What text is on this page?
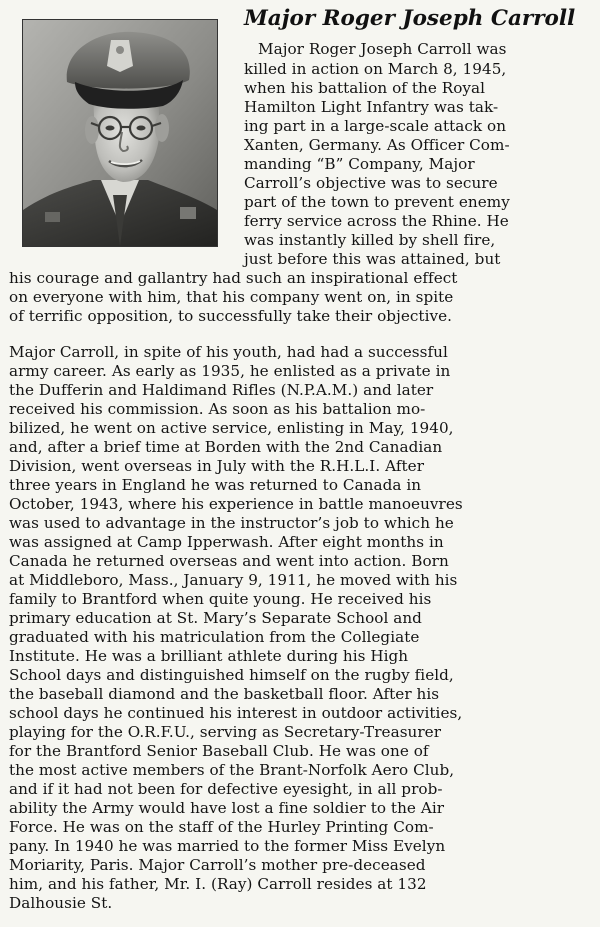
Major Roger Joseph Carroll
Major Roger Joseph Carroll was
killed in action on March 8, 1945,
when his battalion of the Royal
Hamilton Light Infantry was tak-
ing part in a large-scale attack on
Xanten, Germany. As Officer Com-
manding “B” Company, Major
Carroll’s objective was to secure
part of the town to prevent enemy
ferry service across the Rhine. He
was instantly killed by shell fire,
just before this was attained, but
his courage and gallantry had such an inspirational effect
on everyone with him, that his company went on, in spite
of terrific opposition, to successfully take their objective.
Major Carroll, in spite of his youth, had had a successful
army career. As early as 1935, he enlisted as a private in
the Dufferin and Haldimand Rifles (N.P.A.M.) and later
received his commission. As soon as his battalion mo-
bilized, he went on active service, enlisting in May, 1940,
and, after a brief time at Borden with the 2nd Canadian
Division, went overseas in July with the R.H.L.I. After
three years in England he was returned to Canada in
October, 1943, where his experience in battle manoeuvres
was used to advantage in the instructor’s job to which he
was assigned at Camp Ipperwash. After eight months in
Canada he returned overseas and went into action. Born
at Middleboro, Mass., January 9, 1911, he moved with his
family to Brantford when quite young. He received his
primary education at St. Mary’s Separate School and
graduated with his matriculation from the Collegiate
Institute. He was a brilliant athlete during his High
School days and distinguished himself on the rugby field,
the baseball diamond and the basketball floor. After his
school days he continued his interest in outdoor activities,
playing for the O.R.F.U., serving as Secretary-Treasurer
for the Brantford Senior Baseball Club. He was one of
the most active members of the Brant-Norfolk Aero Club,
and if it had not been for defective eyesight, in all prob-
ability the Army would have lost a fine soldier to the Air
Force. He was on the staff of the Hurley Printing Com-
pany. In 1940 he was married to the former Miss Evelyn
Moriarity, Paris. Major Carroll’s mother pre-deceased
him, and his father, Mr. I. (Ray) Carroll resides at 132
Dalhousie St.
